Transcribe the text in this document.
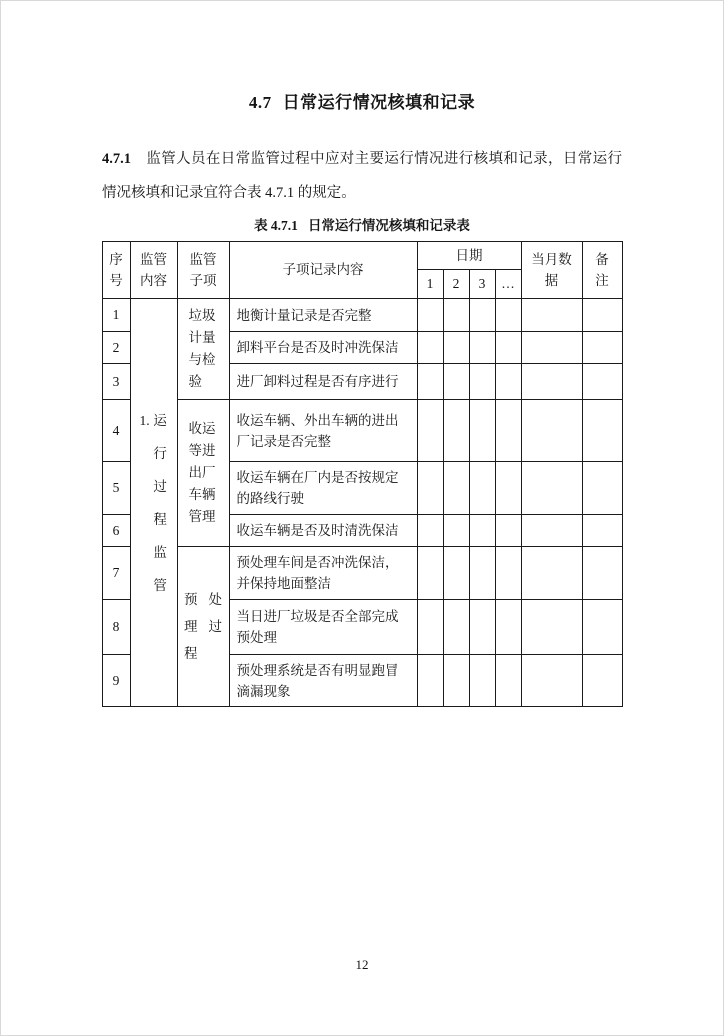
4.7 日常运行情况核填和记录

4.7.1 监管人员在日常监管过程中应对主要运行情况进行核填和记录，日常运行情况核填和记录宜符合表 4.7.1 的规定。

表 4.7.1 日常运行情况核填和记录表
序号	监管内容	监管子项	子项记录内容	日期				当月数据	备注
				1	2	3	…		
1	1. 运行过程监管	垃圾计量与检验	地衡计量记录是否完整						
2			卸料平台是否及时冲洗保洁						
3			进厂卸料过程是否有序进行						
4		收运等进出厂车辆管理	收运车辆、外出车辆的进出厂记录是否完整						
5			收运车辆在厂内是否按规定的路线行驶						
6			收运车辆是否及时清洗保洁						
7		预处理过程	预处理车间是否冲洗保洁，并保持地面整洁						
8			当日进厂垃圾是否全部完成预处理						
9			预处理系统是否有明显跑冒滴漏现象						
12
